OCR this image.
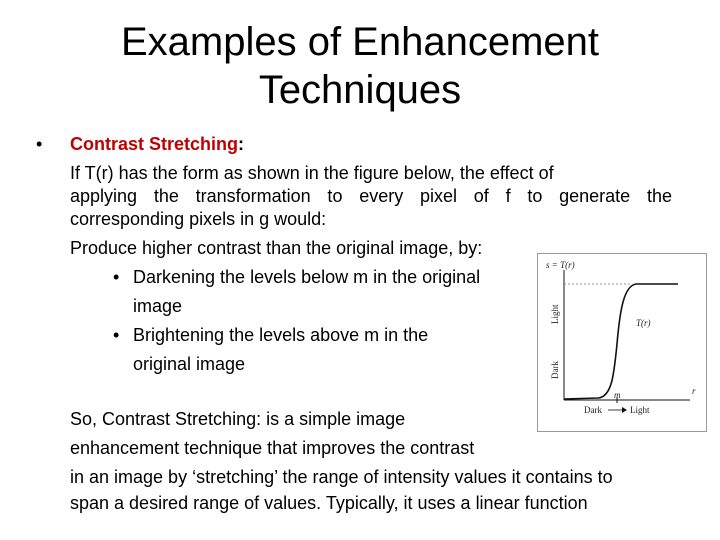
Examples of Enhancement
Techniques
•	Contrast Stretching:
If T(r) has the form as shown in the figure below, the effect of
applying the transformation to every pixel of f to generate the
corresponding pixels in g would:
Produce higher contrast than the original image, by:
• Darkening the levels below m in the original
image
• Brightening the levels above m in the
original image
So, Contrast Stretching: is a simple image
enhancement technique that improves the contrast
in an image by ‘stretching’ the range of intensity values it contains to
span a desired range of values. Typically, it uses a linear function
s = T(r)
T(r)
Light
Dark
m
Dark	Light
r
